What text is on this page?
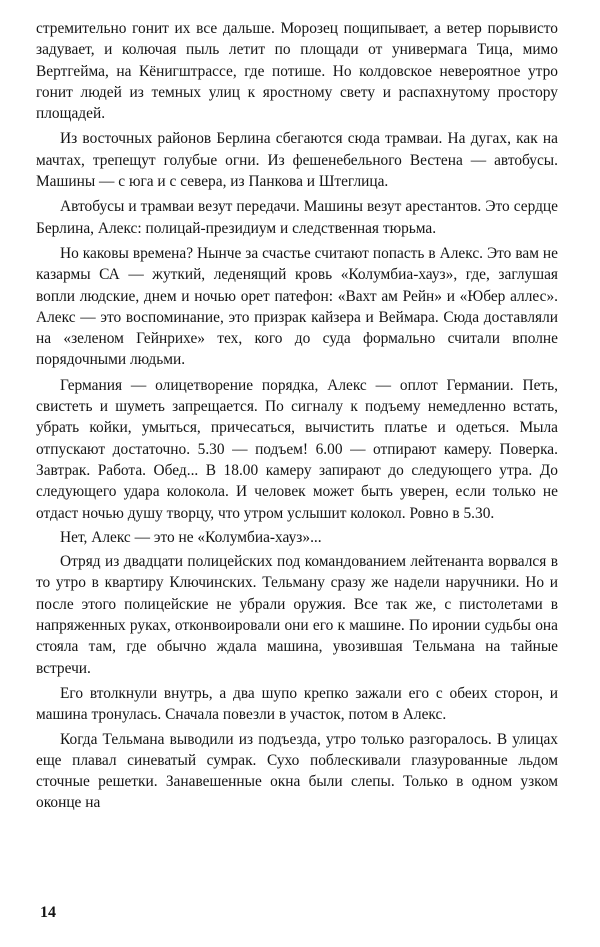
стремительно гонит их все дальше. Морозец пощипывает, а ветер порывисто задувает, и колючая пыль летит по площади от универмага Тица, мимо Вертгейма, на Кёнигштрассе, где потише. Но колдовское невероятное утро гонит людей из темных улиц к яростному свету и распахнутому простору площадей.

Из восточных районов Берлина сбегаются сюда трамваи. На дугах, как на мачтах, трепещут голубые огни. Из фешенебельного Вестена — автобусы. Машины — с юга и с севера, из Панкова и Штеглица.

Автобусы и трамваи везут передачи. Машины везут арестантов. Это сердце Берлина, Алекс: полицай-президиум и следственная тюрьма.

Но каковы времена? Нынче за счастье считают попасть в Алекс. Это вам не казармы СА — жуткий, леденящий кровь «Колумбиа-хауз», где, заглушая вопли людские, днем и ночью орет патефон: «Вахт ам Рейн» и «Юбер аллес». Алекс — это воспоминание, это призрак кайзера и Веймара. Сюда доставляли на «зеленом Гейнрихе» тех, кого до суда формально считали вполне порядочными людьми.

Германия — олицетворение порядка, Алекс — оплот Германии. Петь, свистеть и шуметь запрещается. По сигналу к подъему немедленно встать, убрать койки, умыться, причесаться, вычистить платье и одеться. Мыла отпускают достаточно. 5.30 — подъем! 6.00 — отпирают камеру. Поверка. Завтрак. Работа. Обед... В 18.00 камеру запирают до следующего утра. До следующего удара колокола. И человек может быть уверен, если только не отдаст ночью душу творцу, что утром услышит колокол. Ровно в 5.30.

Нет, Алекс — это не «Колумбиа-хауз»...

Отряд из двадцати полицейских под командованием лейтенанта ворвался в то утро в квартиру Ключинских. Тельману сразу же надели наручники. Но и после этого полицейские не убрали оружия. Все так же, с пистолетами в напряженных руках, отконвоировали они его к машине. По иронии судьбы она стояла там, где обычно ждала машина, увозившая Тельмана на тайные встречи.

Его втолкнули внутрь, а два шупо крепко зажали его с обеих сторон, и машина тронулась. Сначала повезли в участок, потом в Алекс.

Когда Тельмана выводили из подъезда, утро только разгоралось. В улицах еще плавал синеватый сумрак. Сухо поблескивали глазурованные льдом сточные решетки. Занавешенные окна были слепы. Только в одном узком оконце на

14
